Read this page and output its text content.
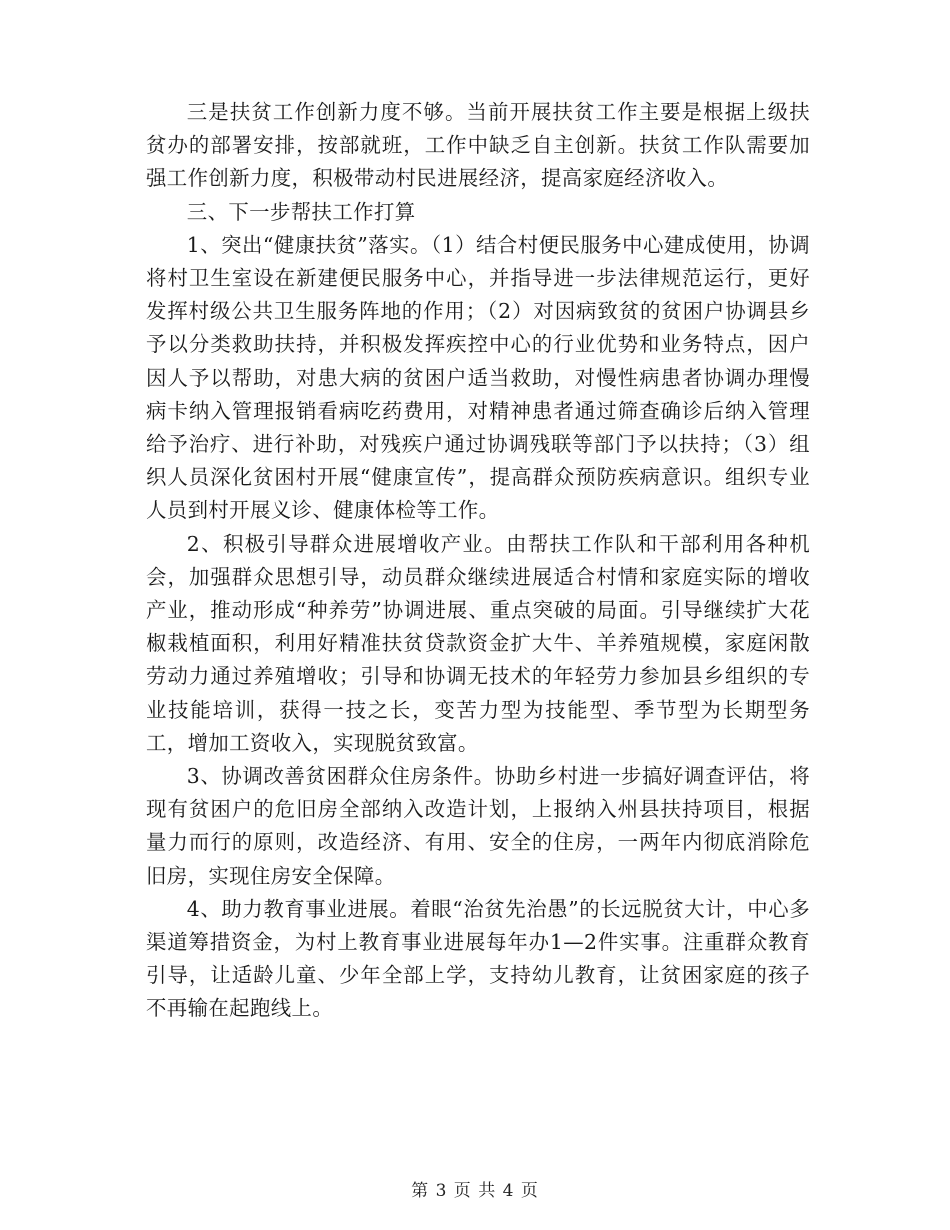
三是扶贫工作创新力度不够。当前开展扶贫工作主要是根据上级扶贫办的部署安排，按部就班，工作中缺乏自主创新。扶贫工作队需要加强工作创新力度，积极带动村民进展经济，提高家庭经济收入。

三、下一步帮扶工作打算

1、突出“健康扶贫”落实。（1）结合村便民服务中心建成使用，协调将村卫生室设在新建便民服务中心，并指导进一步法律规范运行，更好发挥村级公共卫生服务阵地的作用；（2）对因病致贫的贫困户协调县乡予以分类救助扶持，并积极发挥疾控中心的行业优势和业务特点，因户因人予以帮助，对患大病的贫困户适当救助，对慢性病患者协调办理慢病卡纳入管理报销看病吃药费用，对精神患者通过筛查确诊后纳入管理给予治疗、进行补助，对残疾户通过协调残联等部门予以扶持；（3）组织人员深化贫困村开展“健康宣传”，提高群众预防疾病意识。组织专业人员到村开展义诊、健康体检等工作。

2、积极引导群众进展增收产业。由帮扶工作队和干部利用各种机会，加强群众思想引导，动员群众继续进展适合村情和家庭实际的增收产业，推动形成“种养劳”协调进展、重点突破的局面。引导继续扩大花椒栽植面积，利用好精准扶贫贷款资金扩大牛、羊养殖规模，家庭闲散劳动力通过养殖增收；引导和协调无技术的年轻劳力参加县乡组织的专业技能培训，获得一技之长，变苦力型为技能型、季节型为长期型务工，增加工资收入，实现脱贫致富。

3、协调改善贫困群众住房条件。协助乡村进一步搞好调查评估，将现有贫困户的危旧房全部纳入改造计划，上报纳入州县扶持项目，根据量力而行的原则，改造经济、有用、安全的住房，一两年内彻底消除危旧房，实现住房安全保障。

4、助力教育事业进展。着眼“治贫先治愚”的长远脱贫大计，中心多渠道筹措资金，为村上教育事业进展每年办1—2件实事。注重群众教育引导，让适龄儿童、少年全部上学，支持幼儿教育，让贫困家庭的孩子不再输在起跑线上。

第 3 页 共 4 页
